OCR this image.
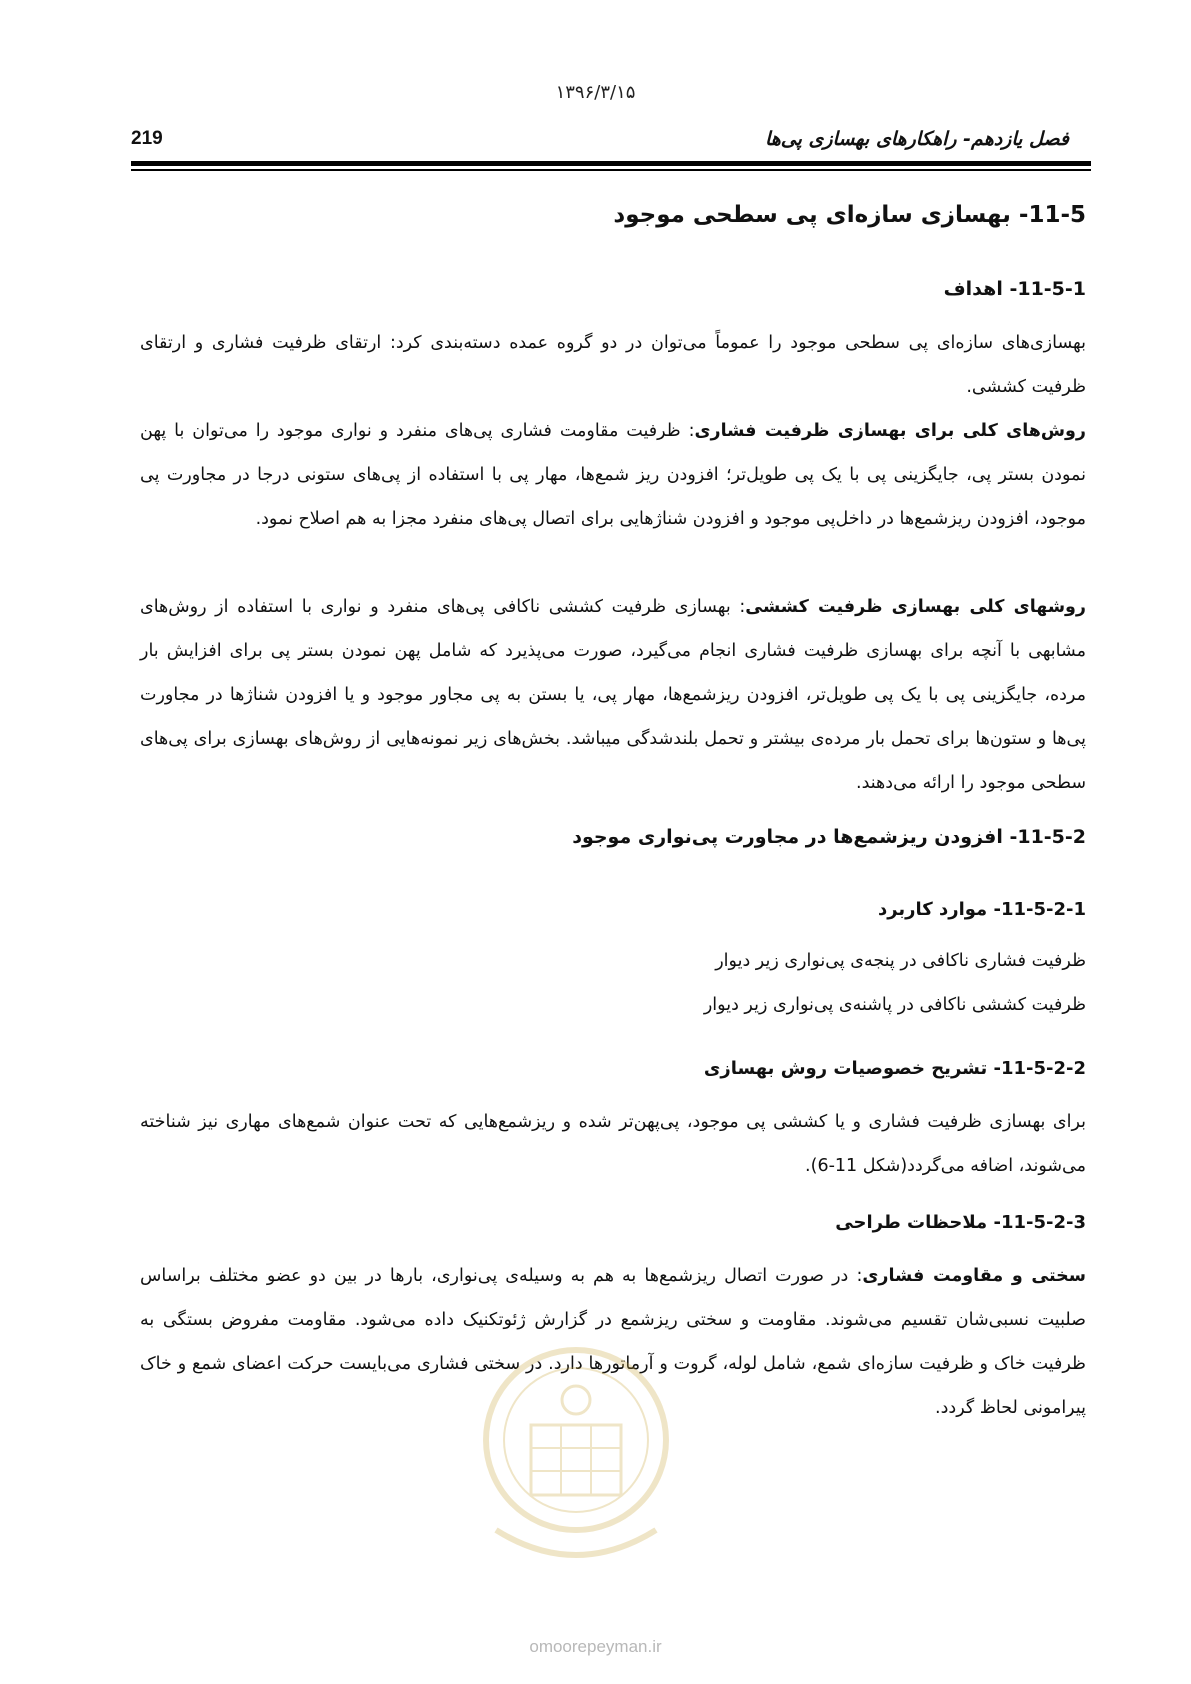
۱۳۹۶/۳/۱۵
فصل یازدهم- راهکارهای بهسازی پی‌ها
219
11-5- بهسازی سازه‌ای پی سطحی موجود
11-5-1- اهداف
بهسازی‌های سازه‌ای پی سطحی موجود را عموماً می‌توان در دو گروه عمده دسته‌بندی کرد: ارتقای ظرفیت فشاری و ارتقای ظرفیت کششی.
روش‌های کلی برای بهسازی ظرفیت فشاری: ظرفیت مقاومت فشاری پی‌های منفرد و نواری موجود را می‌توان با پهن نمودن بستر پی، جایگزینی پی با یک پی طویل‌تر؛ افزودن ریز شمع‌ها، مهار پی با استفاده از پی‌های ستونی درجا در مجاورت پی موجود، افزودن ریزشمع‌ها در داخل‌پی موجود و افزودن شناژهایی برای اتصال پی‌های منفرد مجزا به هم اصلاح نمود.
روشهای کلی بهسازی ظرفیت کششی: بهسازی ظرفیت کششی ناکافی پی‌های منفرد و نواری با استفاده از روش‌های مشابهی با آنچه برای بهسازی ظرفیت فشاری انجام می‌گیرد، صورت می‌پذیرد که شامل پهن نمودن بستر پی برای افزایش بار مرده، جایگزینی پی با یک پی طویل‌تر، افزودن ریزشمع‌ها، مهار پی، یا بستن به پی مجاور موجود و یا افزودن شناژها در مجاورت پی‌ها و ستون‌ها برای تحمل بار مرده‌ی بیشتر و تحمل بلندشدگی میباشد. بخش‌های زیر نمونه‌هایی از روش‌های بهسازی برای پی‌های سطحی موجود را ارائه می‌دهند.
11-5-2- افزودن ریزشمع‌ها در مجاورت پی‌نواری موجود
11-5-2-1- موارد کاربرد
ظرفیت فشاری ناکافی در پنجه‌ی پی‌نواری زیر دیوار
ظرفیت کششی ناکافی در پاشنه‌ی پی‌نواری زیر دیوار
11-5-2-2- تشریح خصوصیات روش بهسازی
برای بهسازی ظرفیت فشاری و یا کششی پی موجود، پی‌پهن‌تر شده و ریزشمع‌هایی که تحت عنوان شمع‌های مهاری نیز شناخته می‌شوند، اضافه می‌گردد(شکل 11-6).
11-5-2-3- ملاحظات طراحی
سختی و مقاومت فشاری: در صورت اتصال ریزشمع‌ها به هم به وسیله‌ی پی‌نواری، بارها در بین دو عضو مختلف براساس صلبیت نسبی‌شان تقسیم می‌شوند. مقاومت و سختی ریزشمع در گزارش ژئوتکنیک داده می‌شود. مقاومت مفروض بستگی به ظرفیت خاک و ظرفیت سازه‌ای شمع، شامل لوله، گروت و آرماتورها دارد. در سختی فشاری می‌بایست حرکت اعضای شمع و خاک پیرامونی لحاظ گردد.
omoorepeyman.ir
